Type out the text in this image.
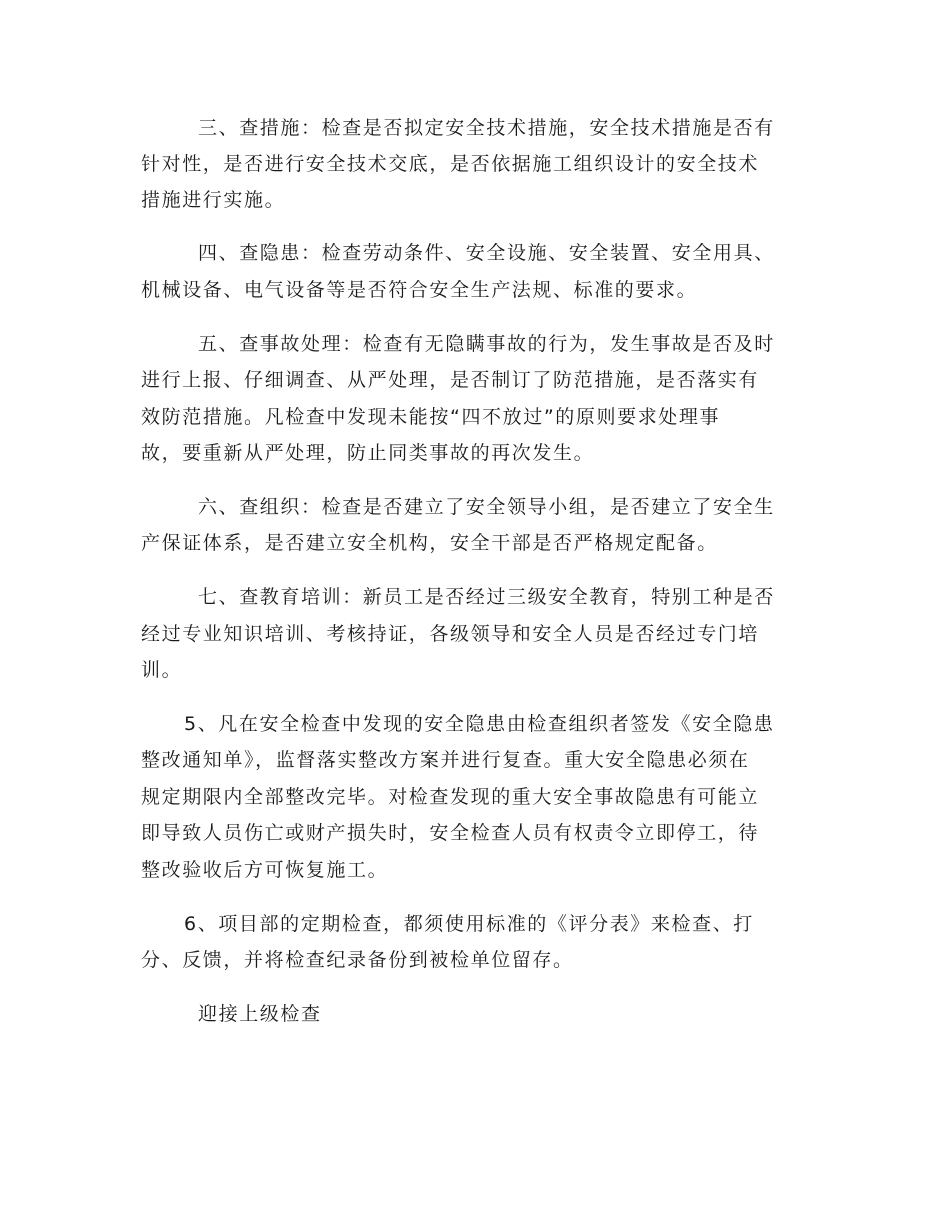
三、查措施：检查是否拟定安全技术措施，安全技术措施是否有
针对性，是否进行安全技术交底，是否依据施工组织设计的安全技术
措施进行实施。
四、查隐患：检查劳动条件、安全设施、安全装置、安全用具、
机械设备、电气设备等是否符合安全生产法规、标准的要求。
五、查事故处理：检查有无隐瞒事故的行为，发生事故是否及时
进行上报、仔细调查、从严处理，是否制订了防范措施，是否落实有
效防范措施。凡检查中发现未能按“四不放过”的原则要求处理事
故，要重新从严处理，防止同类事故的再次发生。
六、查组织：检查是否建立了安全领导小组，是否建立了安全生
产保证体系，是否建立安全机构，安全干部是否严格规定配备。
七、查教育培训：新员工是否经过三级安全教育，特别工种是否
经过专业知识培训、考核持证，各级领导和安全人员是否经过专门培
训。
5、凡在安全检查中发现的安全隐患由检查组织者签发《安全隐患
整改通知单》，监督落实整改方案并进行复查。重大安全隐患必须在
规定期限内全部整改完毕。对检查发现的重大安全事故隐患有可能立
即导致人员伤亡或财产损失时，安全检查人员有权责令立即停工，待
整改验收后方可恢复施工。
6、项目部的定期检查，都须使用标准的《评分表》来检查、打
分、反馈，并将检查纪录备份到被检单位留存。
迎接上级检查
